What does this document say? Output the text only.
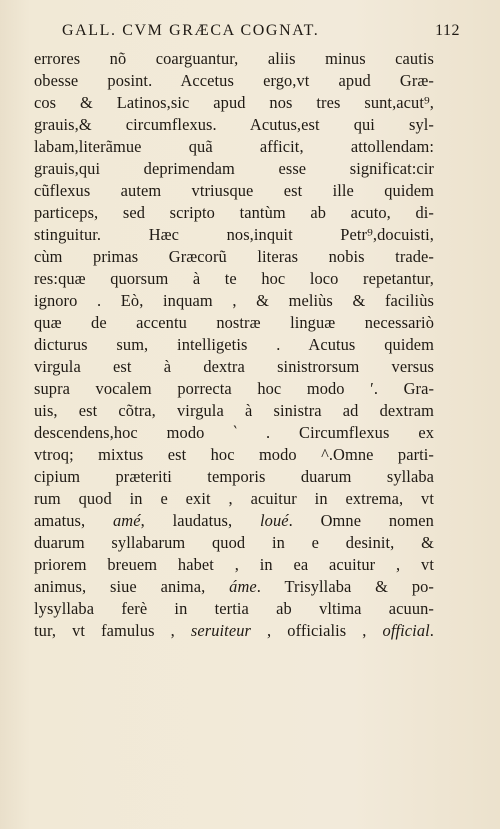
GALL. CVM GRÆCA COGNAT.	112
errores nõ coarguantur, aliis minus cautis
obesse posint. Accetus ergo,vt apud Græ-
cos & Latinos,sic apud nos tres sunt,acut⁹,
grauis,& circumflexus. Acutus,est qui syl-
labam,literãmue quã afficit, attollendam:
grauis,qui deprimendam esse significat:cir
cũflexus autem vtriusque est ille quidem
particeps, sed scripto tantùm ab acuto, di-
stinguitur. Hæc nos,inquit Petr⁹,docuisti,
cùm primas Græcorũ literas nobis trade-
res:quæ quorsum à te hoc loco repetantur,
ignoro . Eò, inquam , & meliùs & faciliùs
quæ de accentu nostræ linguæ necessariò
dicturus sum, intelligetis . Acutus quidem
virgula est à dextra sinistrorsum versus
supra vocalem porrecta hoc modo ′. Gra-
uis, est cõtra, virgula à sinistra ad dextram
descendens,hoc modo ‵ . Circumflexus ex
vtroq; mixtus est hoc modo ^.Omne parti-
cipium præteriti temporis duarum syllaba
rum quod in e exit , acuitur in extrema, vt
amatus, amé, laudatus, loué. Omne nomen
duarum syllabarum quod in e desinit, &
priorem breuem habet , in ea acuitur , vt
animus, siue anima, áme. Trisyllaba & po-
lysyllaba ferè in tertia ab vltima acuun-
tur, vt famulus , seruiteur , officialis , official.
